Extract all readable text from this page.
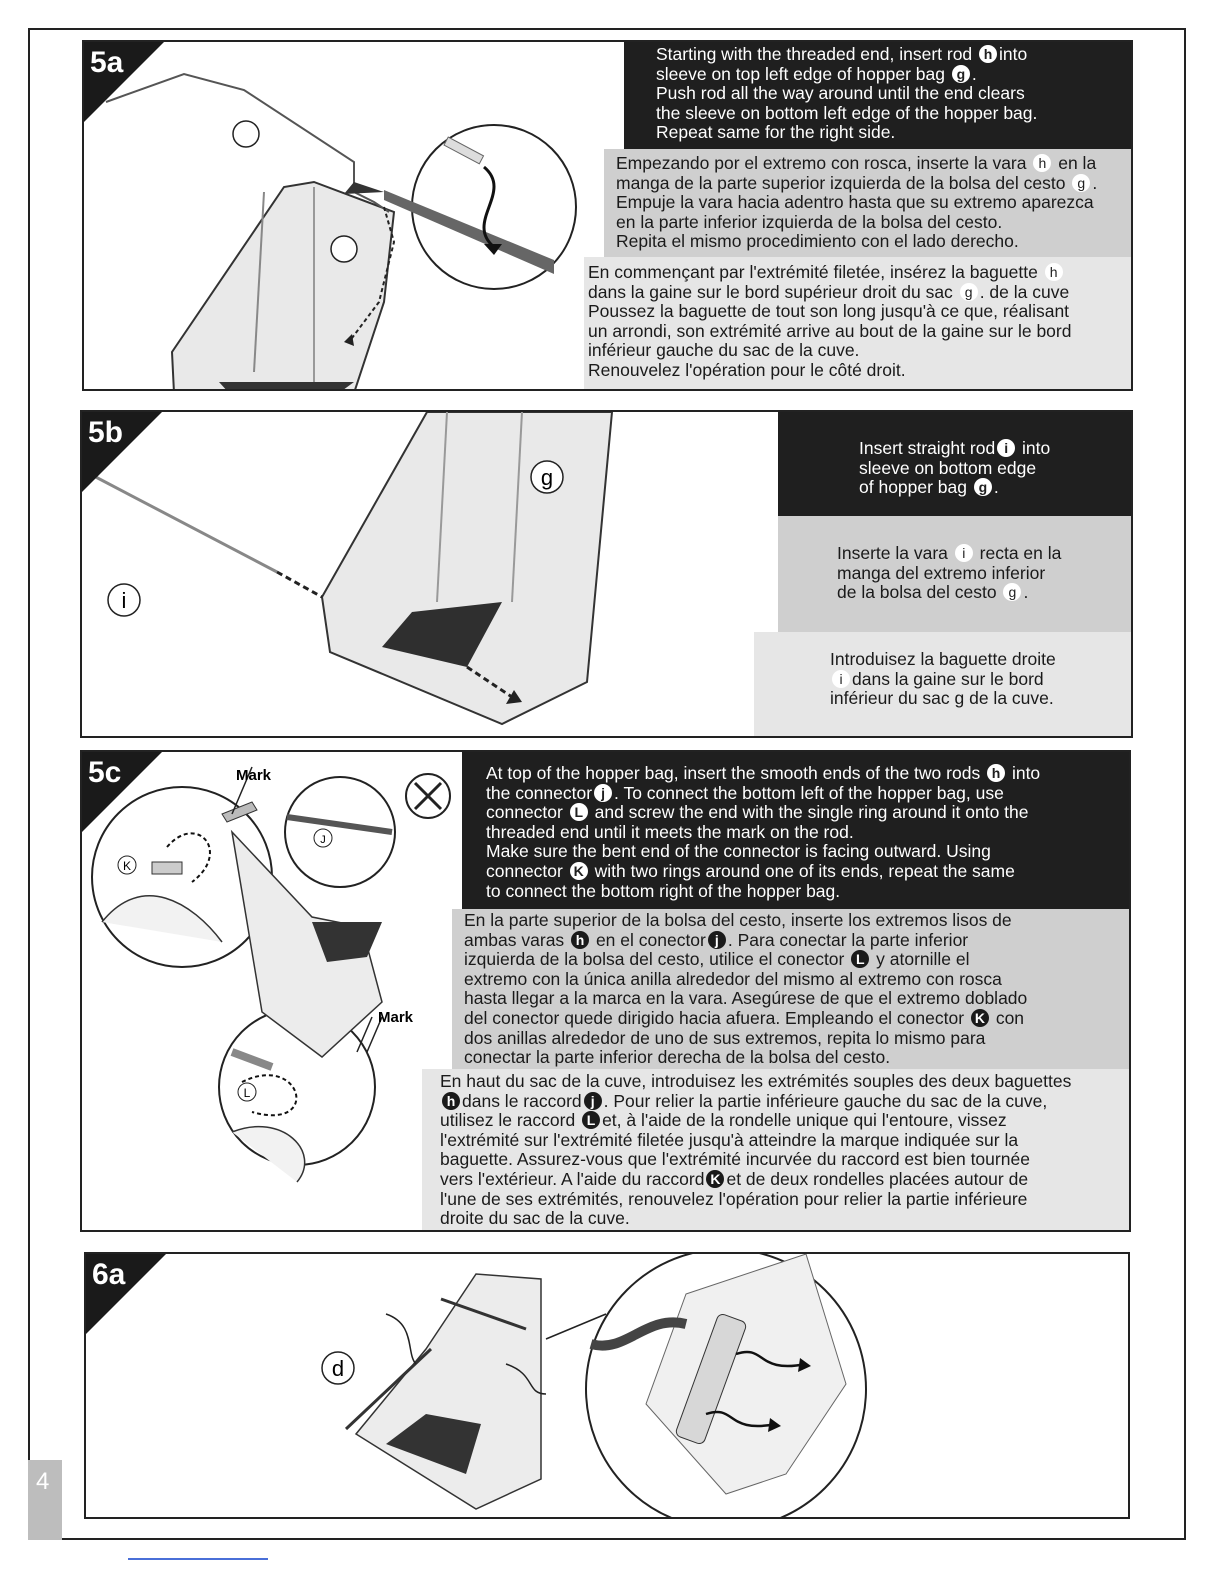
Starting with the threaded end, insert rod h into
sleeve on top left edge of hopper bag g .
Push rod all the way around until the end clears
the sleeve on bottom left edge of the hopper bag.
Repeat same for the right side.
Empezando por el extremo con rosca, inserte la vara h en la
manga de la parte superior izquierda de la bolsa del cesto g .
Empuje la vara hacia adentro hasta que su extremo aparezca
en la parte inferior izquierda de la bolsa del cesto.
Repita el mismo procedimiento con el lado derecho.
En commençant par l'extrémité filetée, insérez la baguette h
dans la gaine sur le bord supérieur droit du sac g . de la cuve
Poussez la baguette de tout son long jusqu'à ce que, réalisant
un arrondi, son extrémité arrive au bout de la gaine sur le bord
inférieur gauche du sac de la cuve.
Renouvelez l'opération pour le côté droit.
5a
g
i
Insert straight rod i into
sleeve on bottom edge
of hopper bag g .
Inserte la vara i recta en la
manga del extremo inferior
de la bolsa del cesto g .
Introduisez la baguette droite
i dans la gaine sur le bord
inférieur du sac g de la cuve.
5b
K
J
L
Mark
Mark
At top of the hopper bag, insert the smooth ends of the two rods h into
the connector j . To connect the bottom left of the hopper bag, use
connector L and screw the end with the single ring around it onto the
threaded end until it meets the mark on the rod.
Make sure the bent end of the connector is facing outward. Using
connector K with two rings around one of its ends, repeat the same
to connect the bottom right of the hopper bag.
En la parte superior de la bolsa del cesto, inserte los extremos lisos de
ambas varas h en el conector j . Para conectar la parte inferior
izquierda de la bolsa del cesto, utilice el conector L y atornille el
extremo con la única anilla alrededor del mismo al extremo con rosca
hasta llegar a la marca en la vara. Asegúrese de que el extremo doblado
del conector quede dirigido hacia afuera. Empleando el conector K con
dos anillas alrededor de uno de sus extremos, repita lo mismo para
conectar la parte inferior derecha de la bolsa del cesto.
En haut du sac de la cuve, introduisez les extrémités souples des deux baguettes
h dans le raccord j . Pour relier la partie inférieure gauche du sac de la cuve,
utilisez le raccord L et, à l'aide de la rondelle unique qui l'entoure, vissez
l'extrémité sur l'extrémité filetée jusqu'à atteindre la marque indiquée sur la
baguette. Assurez-vous que l'extrémité incurvée du raccord est bien tournée
vers l'extérieur. A l'aide du raccord K et de deux rondelles placées autour de
l'une de ses extrémités, renouvelez l'opération pour relier la partie inférieure
droite du sac de la cuve.
5c
d
6a
4
